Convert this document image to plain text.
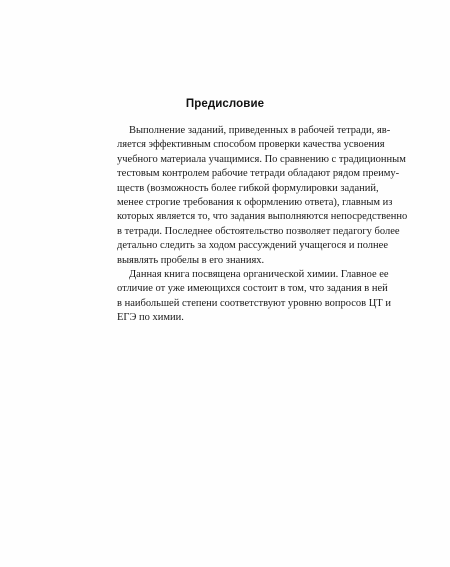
Предисловие
Выполнение заданий, приведенных в рабочей тетради, яв-
ляется эффективным способом проверки качества усвоения
учебного материала учащимися. По сравнению с традиционным
тестовым контролем рабочие тетради обладают рядом преиму-
ществ (возможность более гибкой формулировки заданий,
менее строгие требования к оформлению ответа), главным из
которых является то, что задания выполняются непосредственно
в тетради. Последнее обстоятельство позволяет педагогу более
детально следить за ходом рассуждений учащегося и полнее
выявлять пробелы в его знаниях.
Данная книга посвящена органической химии. Главное ее
отличие от уже имеющихся состоит в том, что задания в ней
в наибольшей степени соответствуют уровню вопросов ЦТ и
ЕГЭ по химии.
